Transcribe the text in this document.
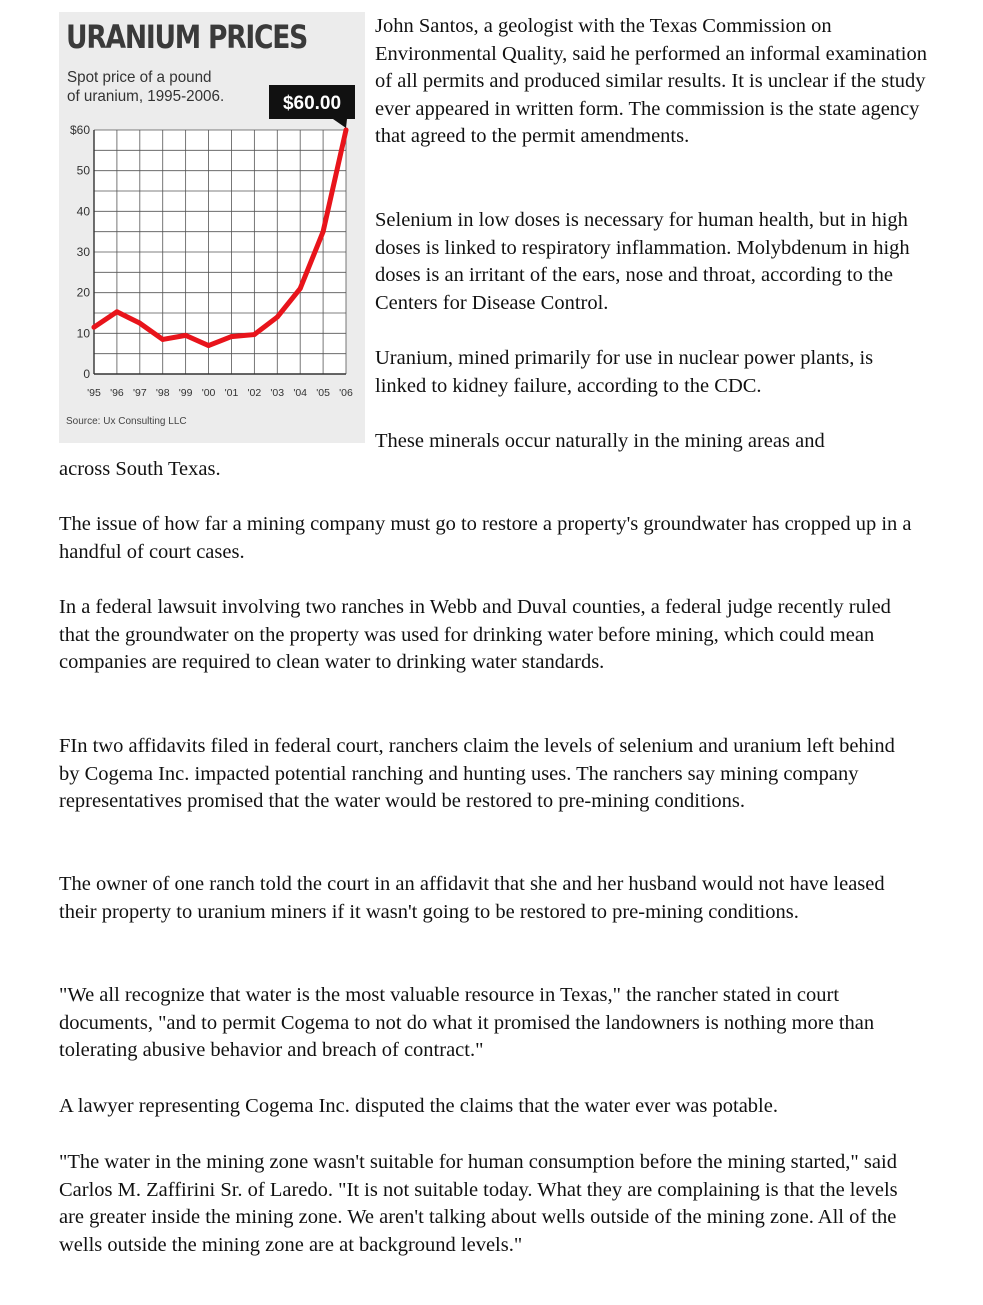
URANIUM PRICES
Spot price of a pound
of uranium, 1995-2006.
$60
50
40
30
20
10
0
'95 '96 '97 '98 '99 '00 '01 '02 '03 '04 '05 '06
$60.00
Source: Ux Consulting LLC

John Santos, a geologist with the Texas Commission on Environmental Quality, said he performed an informal examination of all permits and produced similar results. It is unclear if the study ever appeared in written form. The commission is the state agency that agreed to the permit amendments.

Selenium in low doses is necessary for human health, but in high doses is linked to respiratory inflammation. Molybdenum in high doses is an irritant of the ears, nose and throat, according to the Centers for Disease Control.

Uranium, mined primarily for use in nuclear power plants, is linked to kidney failure, according to the CDC.

These minerals occur naturally in the mining areas and

across South Texas.

The issue of how far a mining company must go to restore a property's groundwater has cropped up in a handful of court cases.

In a federal lawsuit involving two ranches in Webb and Duval counties, a federal judge recently ruled that the groundwater on the property was used for drinking water before mining, which could mean companies are required to clean water to drinking water standards.

FIn two affidavits filed in federal court, ranchers claim the levels of selenium and uranium left behind by Cogema Inc. impacted potential ranching and hunting uses. The ranchers say mining company representatives promised that the water would be restored to pre-mining conditions.

The owner of one ranch told the court in an affidavit that she and her husband would not have leased their property to uranium miners if it wasn't going to be restored to pre-mining conditions.

"We all recognize that water is the most valuable resource in Texas," the rancher stated in court documents, "and to permit Cogema to not do what it promised the landowners is nothing more than tolerating abusive behavior and breach of contract."

A lawyer representing Cogema Inc. disputed the claims that the water ever was potable.

"The water in the mining zone wasn't suitable for human consumption before the mining started," said Carlos M. Zaffirini Sr. of Laredo. "It is not suitable today. What they are complaining is that the levels are greater inside the mining zone. We aren't talking about wells outside of the mining zone. All of the wells outside the mining zone are at background levels."
